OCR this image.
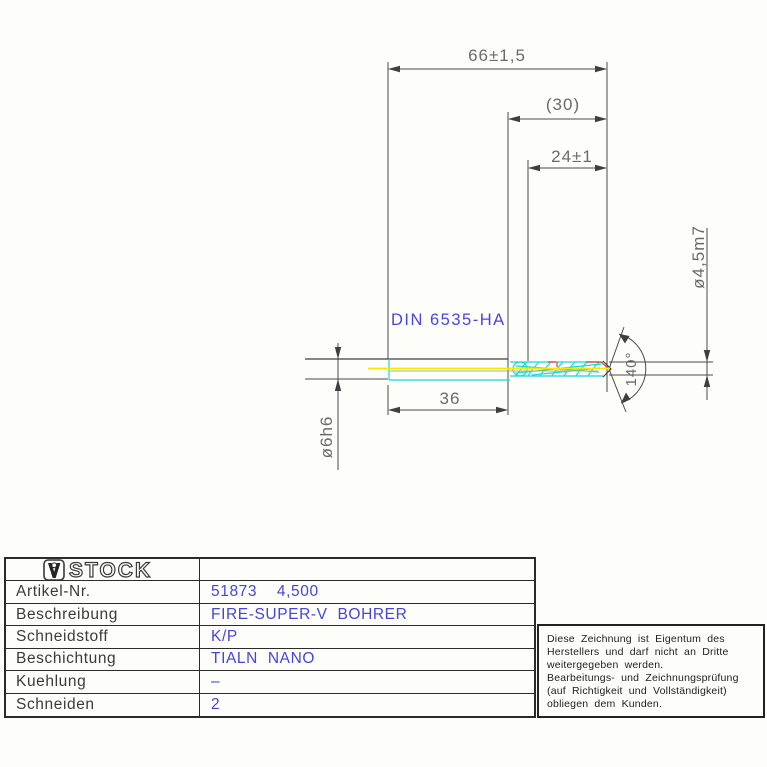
66±1,5
(30)
24±1
36
ø4,5m7
ø6h6
140°
DIN 6535-HA
STOCK
Artikel-Nr.	51873  4,500
Beschreibung	FIRE-SUPER-V BOHRER
Schneidstoff	K/P
Beschichtung	TIALN NANO
Kuehlung	–
Schneiden	2
Diese Zeichnung ist Eigentum des
Herstellers und darf nicht an Dritte
weitergegeben werden.
Bearbeitungs- und Zeichnungsprüfung
(auf Richtigkeit und Vollständigkeit)
obliegen dem Kunden.
